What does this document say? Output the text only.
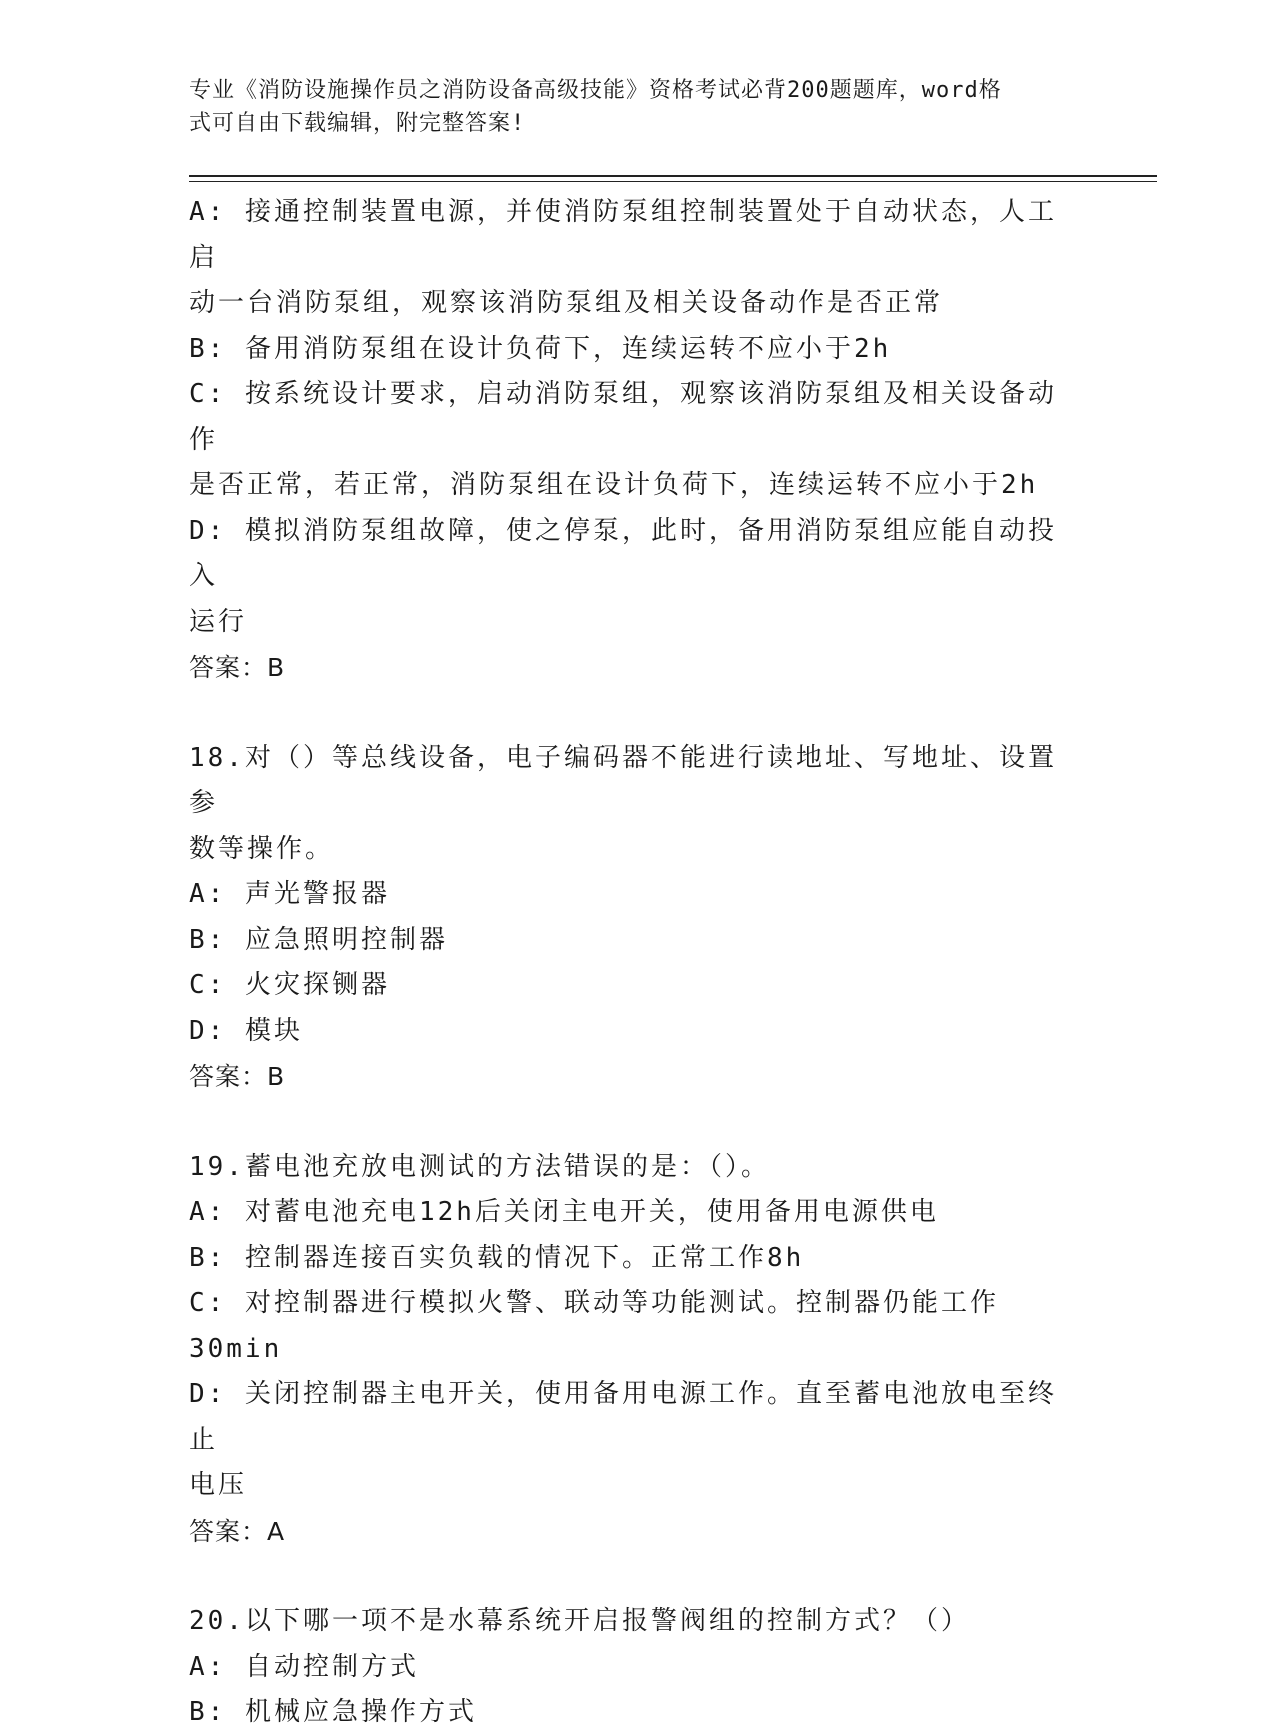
专业《消防设施操作员之消防设备高级技能》资格考试必背200题题库，word格
式可自由下载编辑，附完整答案!
A: 接通控制装置电源，并使消防泵组控制装置处于自动状态，人工启
动一台消防泵组，观察该消防泵组及相关设备动作是否正常
B: 备用消防泵组在设计负荷下，连续运转不应小于2h
C: 按系统设计要求，启动消防泵组，观察该消防泵组及相关设备动作
是否正常，若正常，消防泵组在设计负荷下，连续运转不应小于2h
D: 模拟消防泵组故障，使之停泵，此时，备用消防泵组应能自动投入
运行
答案：B
18.对（）等总线设备，电子编码器不能进行读地址、写地址、设置参
数等操作。
A: 声光警报器
B: 应急照明控制器
C: 火灾探铡器
D: 模块
答案：B
19.蓄电池充放电测试的方法错误的是：（）。
A: 对蓄电池充电12h后关闭主电开关，使用备用电源供电
B: 控制器连接百实负载的情况下。正常工作8h
C: 对控制器进行模拟火警、联动等功能测试。控制器仍能工作30min
D: 关闭控制器主电开关，使用备用电源工作。直至蓄电池放电至终止
电压
答案：A
20.以下哪一项不是水幕系统开启报警阀组的控制方式？（）
A: 自动控制方式
B: 机械应急操作方式
